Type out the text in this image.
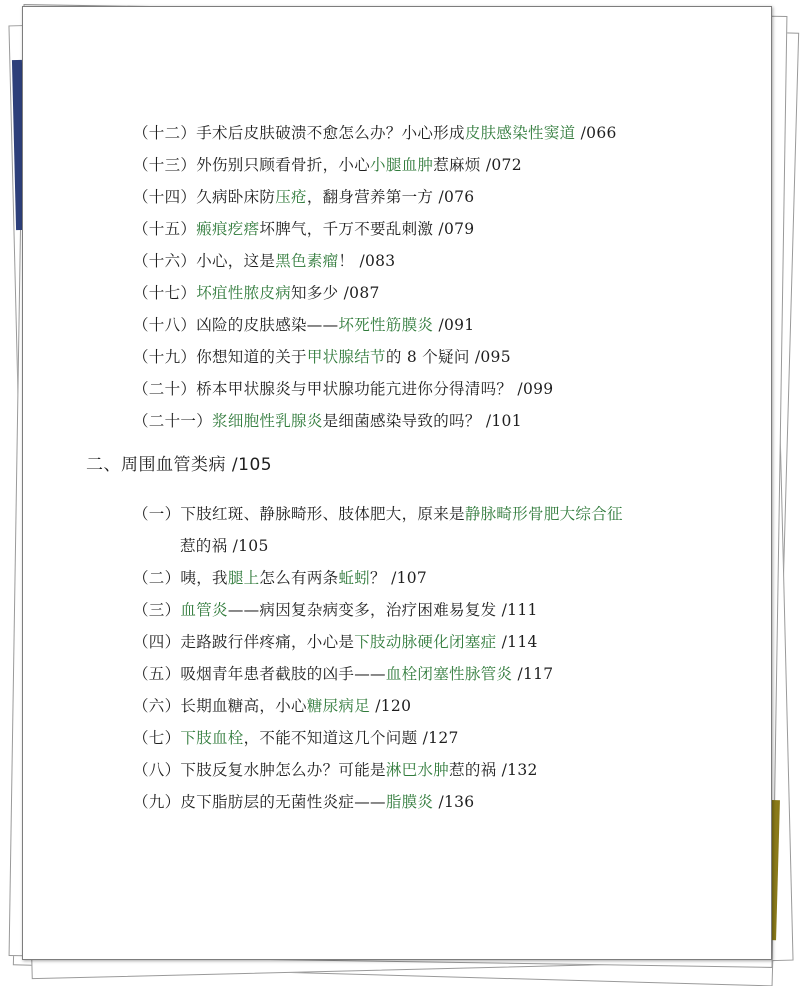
（十二）手术后皮肤破溃不愈怎么办？小心形成皮肤感染性窦道 /066
（十三）外伤别只顾看骨折，小心小腿血肿惹麻烦 /072
（十四）久病卧床防压疮，翻身营养第一方 /076
（十五）瘢痕疙瘩坏脾气，千万不要乱刺激 /079
（十六）小心，这是黑色素瘤！ /083
（十七）坏疽性脓皮病知多少 /087
（十八）凶险的皮肤感染——坏死性筋膜炎 /091
（十九）你想知道的关于甲状腺结节的 8 个疑问 /095
（二十）桥本甲状腺炎与甲状腺功能亢进你分得清吗？ /099
（二十一）浆细胞性乳腺炎是细菌感染导致的吗？ /101
二、周围血管类病 /105
（一）下肢红斑、静脉畸形、肢体肥大，原来是静脉畸形骨肥大综合征
惹的祸 /105
（二）咦，我腿上怎么有两条蚯蚓？ /107
（三）血管炎——病因复杂病变多，治疗困难易复发 /111
（四）走路跛行伴疼痛，小心是下肢动脉硬化闭塞症 /114
（五）吸烟青年患者截肢的凶手——血栓闭塞性脉管炎 /117
（六）长期血糖高，小心糖尿病足 /120
（七）下肢血栓，不能不知道这几个问题 /127
（八）下肢反复水肿怎么办？可能是淋巴水肿惹的祸 /132
（九）皮下脂肪层的无菌性炎症——脂膜炎 /136
